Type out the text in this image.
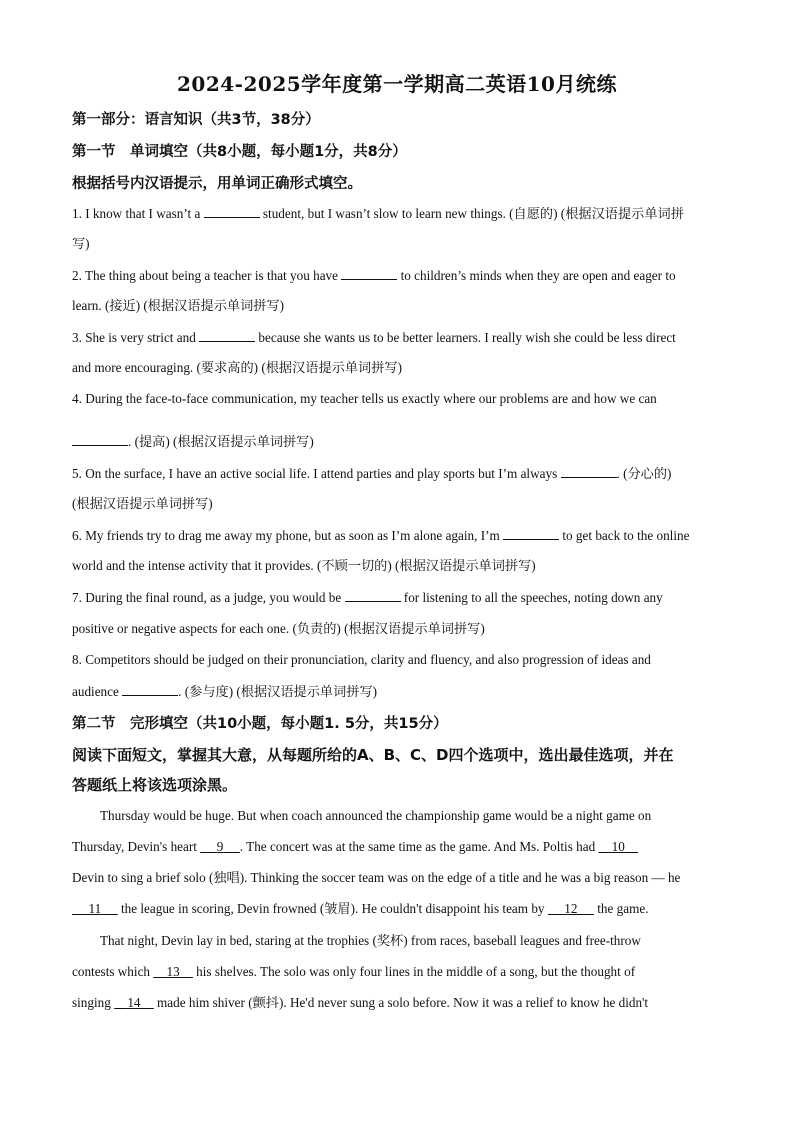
2024-2025学年度第一学期高二英语10月统练
第一部分：语言知识（共3节，38分）
第一节　单词填空（共8小题，每小题1分，共8分）
根据括号内汉语提示，用单词正确形式填空。
1. I know that I wasn’t a	student, but I wasn’t slow to learn new things. (自愿的) (根据汉语提示单词拼
写)
2. The thing about being a teacher is that you have	to children’s minds when they are open and eager to
learn. (接近) (根据汉语提示单词拼写)
3. She is very strict and	because she wants us to be better learners. I really wish she could be less direct
and more encouraging. (要求高的) (根据汉语提示单词拼写)
4. During the face-to-face communication, my teacher tells us exactly where our problems are and how we can
. (提高) (根据汉语提示单词拼写)
5. On the surface, I have an active social life. I attend parties and play sports but I’m always	. (分心的)
(根据汉语提示单词拼写)
6. My friends try to drag me away my phone, but as soon as I’m alone again, I’m	to get back to the online
world and the intense activity that it provides. (不顾一切的) (根据汉语提示单词拼写)
7. During the final round, as a judge, you would be	for listening to all the speeches, noting down any
positive or negative aspects for each one. (负责的) (根据汉语提示单词拼写)
8. Competitors should be judged on their pronunciation, clarity and fluency, and also progression of ideas and
audience	. (参与度) (根据汉语提示单词拼写)
第二节　完形填空（共10小题，每小题1. 5分，共15分）
阅读下面短文，掌握其大意，从每题所给的A、B、C、D四个选项中，选出最佳选项，并在
答题纸上将该选项涂黑。
Thursday would be huge. But when coach announced the championship game would be a night game on
Thursday, Devin's heart 9 . The concert was at the same time as the game. And Ms. Poltis had 10
Devin to sing a brief solo (独唱). Thinking the soccer team was on the edge of a title and he was a big reason — he
11 the league in scoring, Devin frowned (皱眉). He couldn't disappoint his team by 12 the game.
That night, Devin lay in bed, staring at the trophies (奖杯) from races, baseball leagues and free-throw
contests which 13 his shelves. The solo was only four lines in the middle of a song, but the thought of
singing 14 made him shiver (颤抖). He'd never sung a solo before. Now it was a relief to know he didn't
